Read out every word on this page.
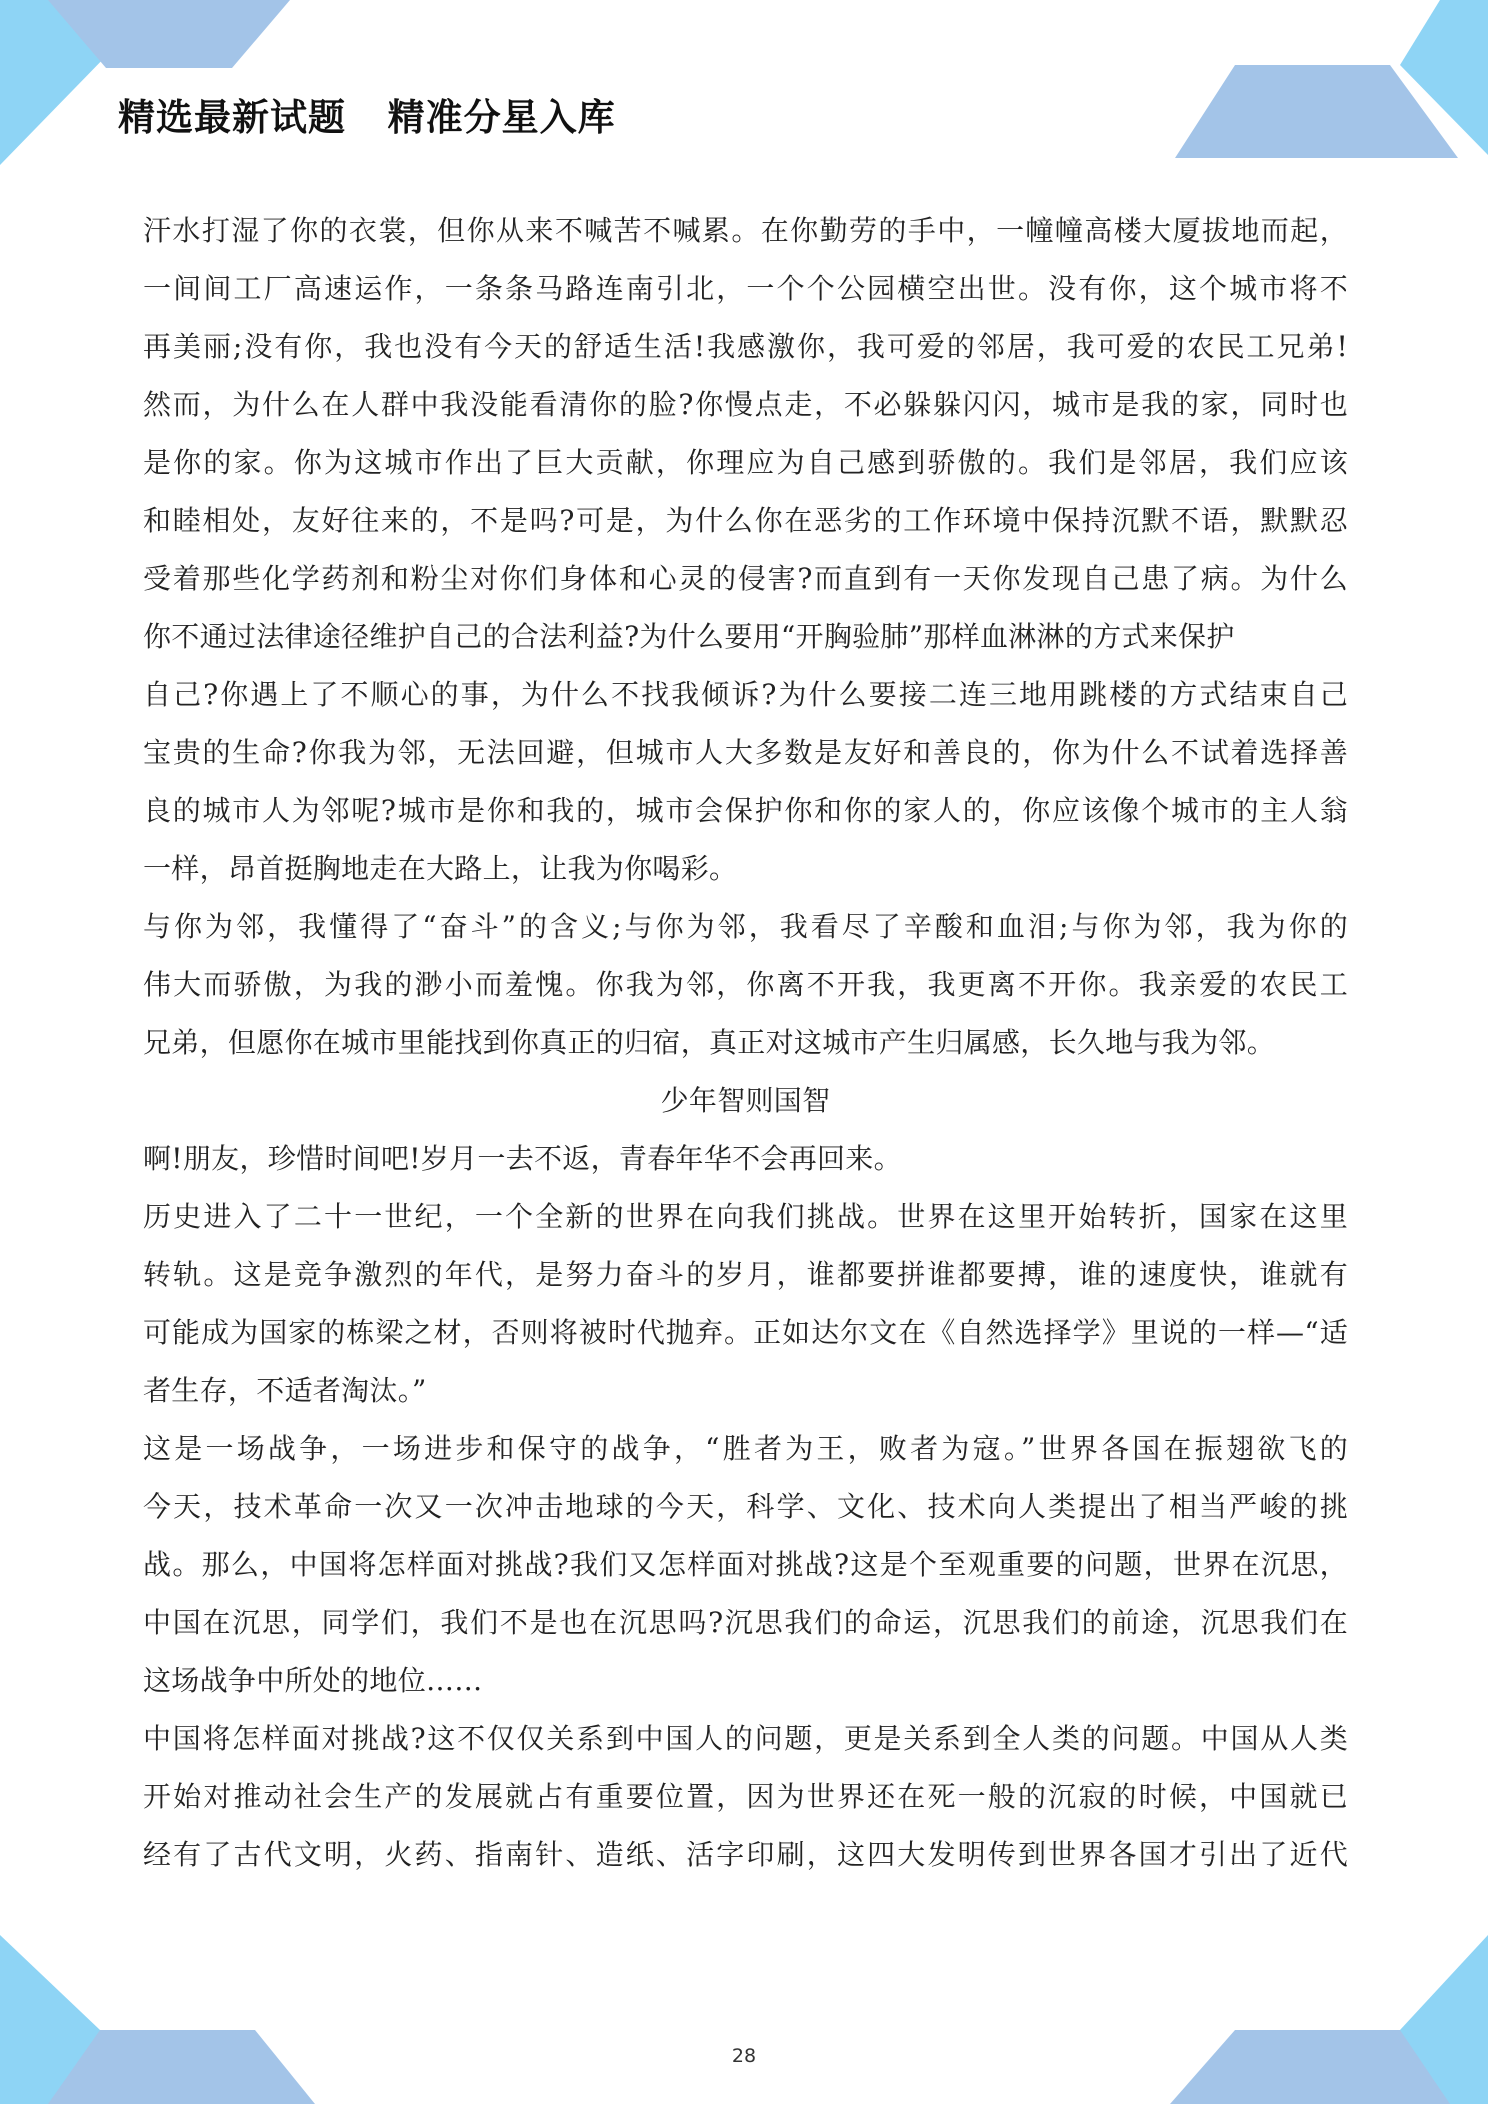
精选最新试题   精准分星入库
汗水打湿了你的衣裳，但你从来不喊苦不喊累。在你勤劳的手中，一幢幢高楼大厦拔地而起，
一间间工厂高速运作，一条条马路连南引北，一个个公园横空出世。没有你，这个城市将不
再美丽;没有你，我也没有今天的舒适生活!我感激你，我可爱的邻居，我可爱的农民工兄弟!
然而，为什么在人群中我没能看清你的脸?你慢点走，不必躲躲闪闪，城市是我的家，同时也
是你的家。你为这城市作出了巨大贡献，你理应为自己感到骄傲的。我们是邻居，我们应该
和睦相处，友好往来的，不是吗?可是，为什么你在恶劣的工作环境中保持沉默不语，默默忍
受着那些化学药剂和粉尘对你们身体和心灵的侵害?而直到有一天你发现自己患了病。为什么
你不通过法律途径维护自己的合法利益?为什么要用“开胸验肺”那样血淋淋的方式来保护
自己?你遇上了不顺心的事，为什么不找我倾诉?为什么要接二连三地用跳楼的方式结束自己
宝贵的生命?你我为邻，无法回避，但城市人大多数是友好和善良的，你为什么不试着选择善
良的城市人为邻呢?城市是你和我的，城市会保护你和你的家人的，你应该像个城市的主人翁
一样，昂首挺胸地走在大路上，让我为你喝彩。
与你为邻，我懂得了“奋斗”的含义;与你为邻，我看尽了辛酸和血泪;与你为邻，我为你的
伟大而骄傲，为我的渺小而羞愧。你我为邻，你离不开我，我更离不开你。我亲爱的农民工
兄弟，但愿你在城市里能找到你真正的归宿，真正对这城市产生归属感，长久地与我为邻。
少年智则国智
啊!朋友，珍惜时间吧!岁月一去不返，青春年华不会再回来。
历史进入了二十一世纪，一个全新的世界在向我们挑战。世界在这里开始转折，国家在这里
转轨。这是竞争激烈的年代，是努力奋斗的岁月，谁都要拼谁都要搏，谁的速度快，谁就有
可能成为国家的栋梁之材，否则将被时代抛弃。正如达尔文在《自然选择学》里说的一样—“适
者生存，不适者淘汰。”
这是一场战争，一场进步和保守的战争，“胜者为王，败者为寇。”世界各国在振翅欲飞的
今天，技术革命一次又一次冲击地球的今天，科学、文化、技术向人类提出了相当严峻的挑
战。那么，中国将怎样面对挑战?我们又怎样面对挑战?这是个至观重要的问题，世界在沉思，
中国在沉思，同学们，我们不是也在沉思吗?沉思我们的命运，沉思我们的前途，沉思我们在
这场战争中所处的地位……
中国将怎样面对挑战?这不仅仅关系到中国人的问题，更是关系到全人类的问题。中国从人类
开始对推动社会生产的发展就占有重要位置，因为世界还在死一般的沉寂的时候，中国就已
经有了古代文明，火药、指南针、造纸、活字印刷，这四大发明传到世界各国才引出了近代
28
